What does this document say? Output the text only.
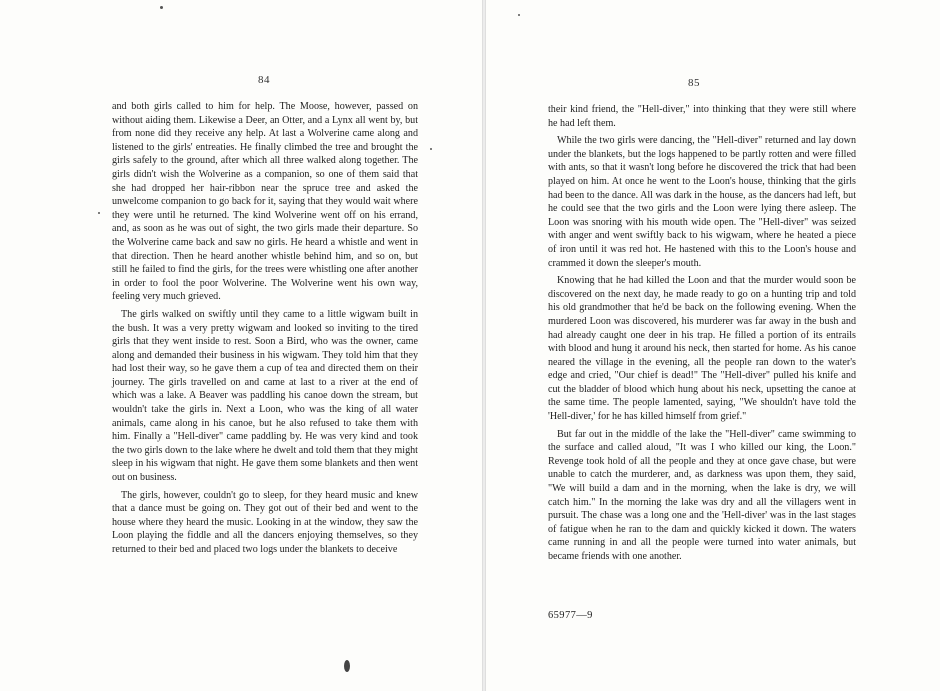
84

and both girls called to him for help. The Moose, however, passed on without aiding them. Likewise a Deer, an Otter, and a Lynx all went by, but from none did they receive any help. At last a Wolverine came along and listened to the girls' entreaties. He finally climbed the tree and brought the girls safely to the ground, after which all three walked along together. The girls didn't wish the Wolverine as a companion, so one of them said that she had dropped her hair-ribbon near the spruce tree and asked the unwelcome companion to go back for it, saying that they would wait where they were until he returned. The kind Wolverine went off on his errand, and, as soon as he was out of sight, the two girls made their departure. So the Wolverine came back and saw no girls. He heard a whistle and went in that direction. Then he heard another whistle behind him, and so on, but still he failed to find the girls, for the trees were whistling one after another in order to fool the poor Wolverine. The Wolverine went his own way, feeling very much grieved.

The girls walked on swiftly until they came to a little wigwam built in the bush. It was a very pretty wigwam and looked so inviting to the tired girls that they went inside to rest. Soon a Bird, who was the owner, came along and demanded their business in his wigwam. They told him that they had lost their way, so he gave them a cup of tea and directed them on their journey. The girls travelled on and came at last to a river at the end of which was a lake. A Beaver was paddling his canoe down the stream, but wouldn't take the girls in. Next a Loon, who was the king of all water animals, came along in his canoe, but he also refused to take them with him. Finally a "Hell-diver" came paddling by. He was very kind and took the two girls down to the lake where he dwelt and told them that they might sleep in his wigwam that night. He gave them some blankets and then went out on business.

The girls, however, couldn't go to sleep, for they heard music and knew that a dance must be going on. They got out of their bed and went to the house where they heard the music. Looking in at the window, they saw the Loon playing the fiddle and all the dancers enjoying themselves, so they returned to their bed and placed two logs under the blankets to deceive

85

their kind friend, the "Hell-diver," into thinking that they were still where he had left them.

While the two girls were dancing, the "Hell-diver" returned and lay down under the blankets, but the logs happened to be partly rotten and were filled with ants, so that it wasn't long before he discovered the trick that had been played on him. At once he went to the Loon's house, thinking that the girls had been to the dance. All was dark in the house, as the dancers had left, but he could see that the two girls and the Loon were lying there asleep. The Loon was snoring with his mouth wide open. The "Hell-diver" was seized with anger and went swiftly back to his wigwam, where he heated a piece of iron until it was red hot. He hastened with this to the Loon's house and crammed it down the sleeper's mouth.

Knowing that he had killed the Loon and that the murder would soon be discovered on the next day, he made ready to go on a hunting trip and told his old grandmother that he'd be back on the following evening. When the murdered Loon was discovered, his murderer was far away in the bush and had already caught one deer in his trap. He filled a portion of its entrails with blood and hung it around his neck, then started for home. As his canoe neared the village in the evening, all the people ran down to the water's edge and cried, "Our chief is dead!" The "Hell-diver" pulled his knife and cut the bladder of blood which hung about his neck, upsetting the canoe at the same time. The people lamented, saying, "We shouldn't have told the 'Hell-diver,' for he has killed himself from grief."

But far out in the middle of the lake the "Hell-diver" came swimming to the surface and called aloud, "It was I who killed our king, the Loon." Revenge took hold of all the people and they at once gave chase, but were unable to catch the murderer, and, as darkness was upon them, they said, "We will build a dam and in the morning, when the lake is dry, we will catch him." In the morning the lake was dry and all the villagers went in pursuit. The chase was a long one and the 'Hell-diver' was in the last stages of fatigue when he ran to the dam and quickly kicked it down. The waters came running in and all the people were turned into water animals, but became friends with one another.

65977—9
